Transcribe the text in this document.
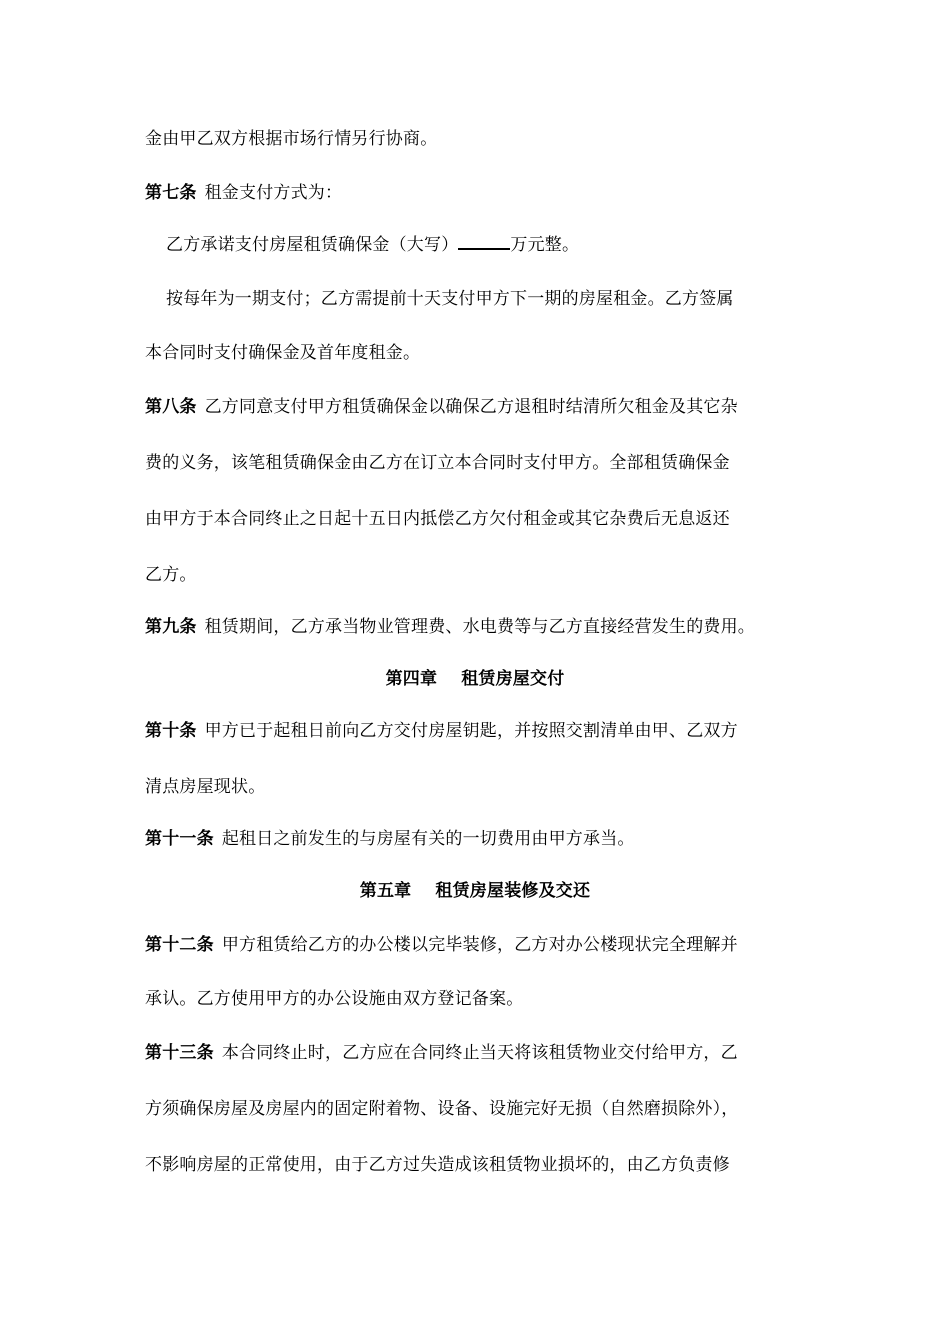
金由甲乙双方根据市场行情另行协商。
第七条 租金支付方式为：
乙方承诺支付房屋租赁确保金（大写）	万元整。
按每年为一期支付；乙方需提前十天支付甲方下一期的房屋租金。乙方签属
本合同时支付确保金及首年度租金。
第八条 乙方同意支付甲方租赁确保金以确保乙方退租时结清所欠租金及其它杂
费的义务，该笔租赁确保金由乙方在订立本合同时支付甲方。全部租赁确保金
由甲方于本合同终止之日起十五日内抵偿乙方欠付租金或其它杂费后无息返还
乙方。
第九条 租赁期间，乙方承当物业管理费、水电费等与乙方直接经营发生的费用。
第四章 租赁房屋交付
第十条 甲方已于起租日前向乙方交付房屋钥匙，并按照交割清单由甲、乙双方
清点房屋现状。
第十一条 起租日之前发生的与房屋有关的一切费用由甲方承当。
第五章 租赁房屋装修及交还
第十二条 甲方租赁给乙方的办公楼以完毕装修，乙方对办公楼现状完全理解并
承认。乙方使用甲方的办公设施由双方登记备案。
第十三条 本合同终止时，乙方应在合同终止当天将该租赁物业交付给甲方，乙
方须确保房屋及房屋内的固定附着物、设备、设施完好无损（自然磨损除外），
不影响房屋的正常使用，由于乙方过失造成该租赁物业损坏的，由乙方负责修
